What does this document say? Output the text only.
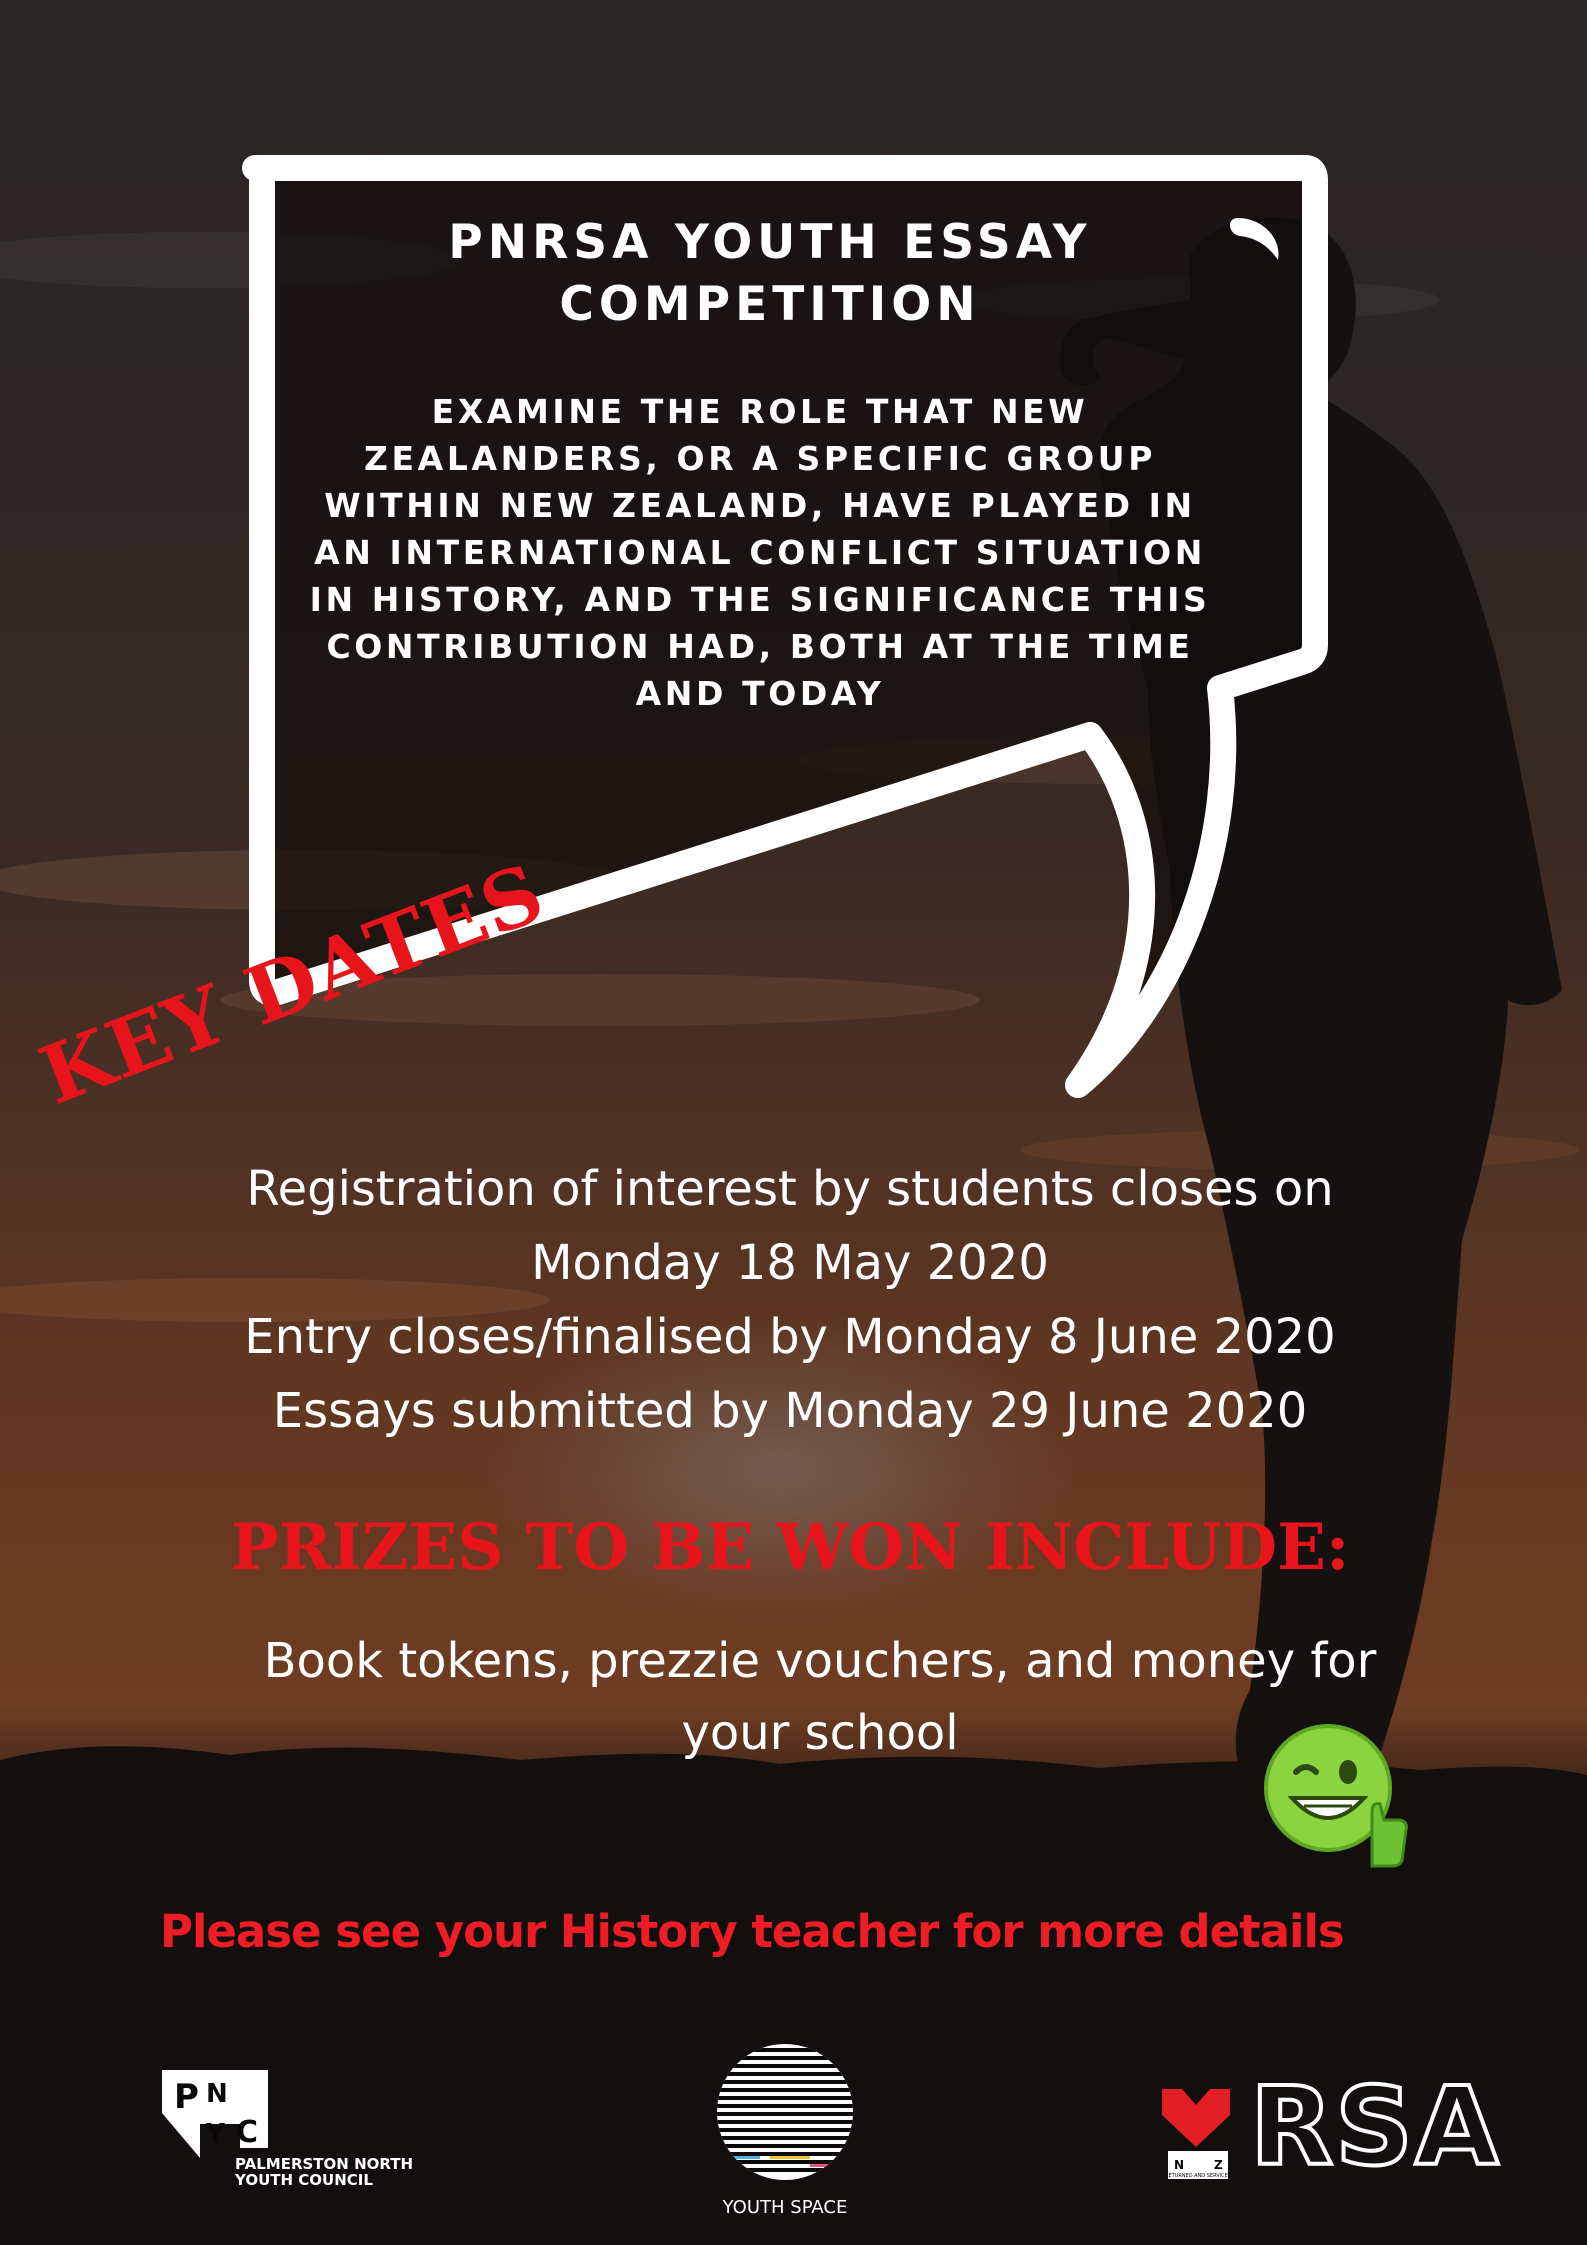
PNRSA YOUTH ESSAY
COMPETITION
EXAMINE THE ROLE THAT NEW
ZEALANDERS, OR A SPECIFIC GROUP
WITHIN NEW ZEALAND, HAVE PLAYED IN
AN INTERNATIONAL CONFLICT SITUATION
IN HISTORY, AND THE SIGNIFICANCE THIS
CONTRIBUTION HAD, BOTH AT THE TIME
AND TODAY
KEY DATES
Registration of interest by students closes on
Monday 18 May 2020
Entry closes/finalised by Monday 8 June 2020
Essays submitted by Monday 29 June 2020
PRIZES TO BE WON INCLUDE:
Book tokens, prezzie vouchers, and money for
your school
Please see your History teacher for more details
P N
Y C
PALMERSTON NORTH
YOUTH COUNCIL
YOUTH SPACE
N Z
RETURNED AND SERVICES RSA
